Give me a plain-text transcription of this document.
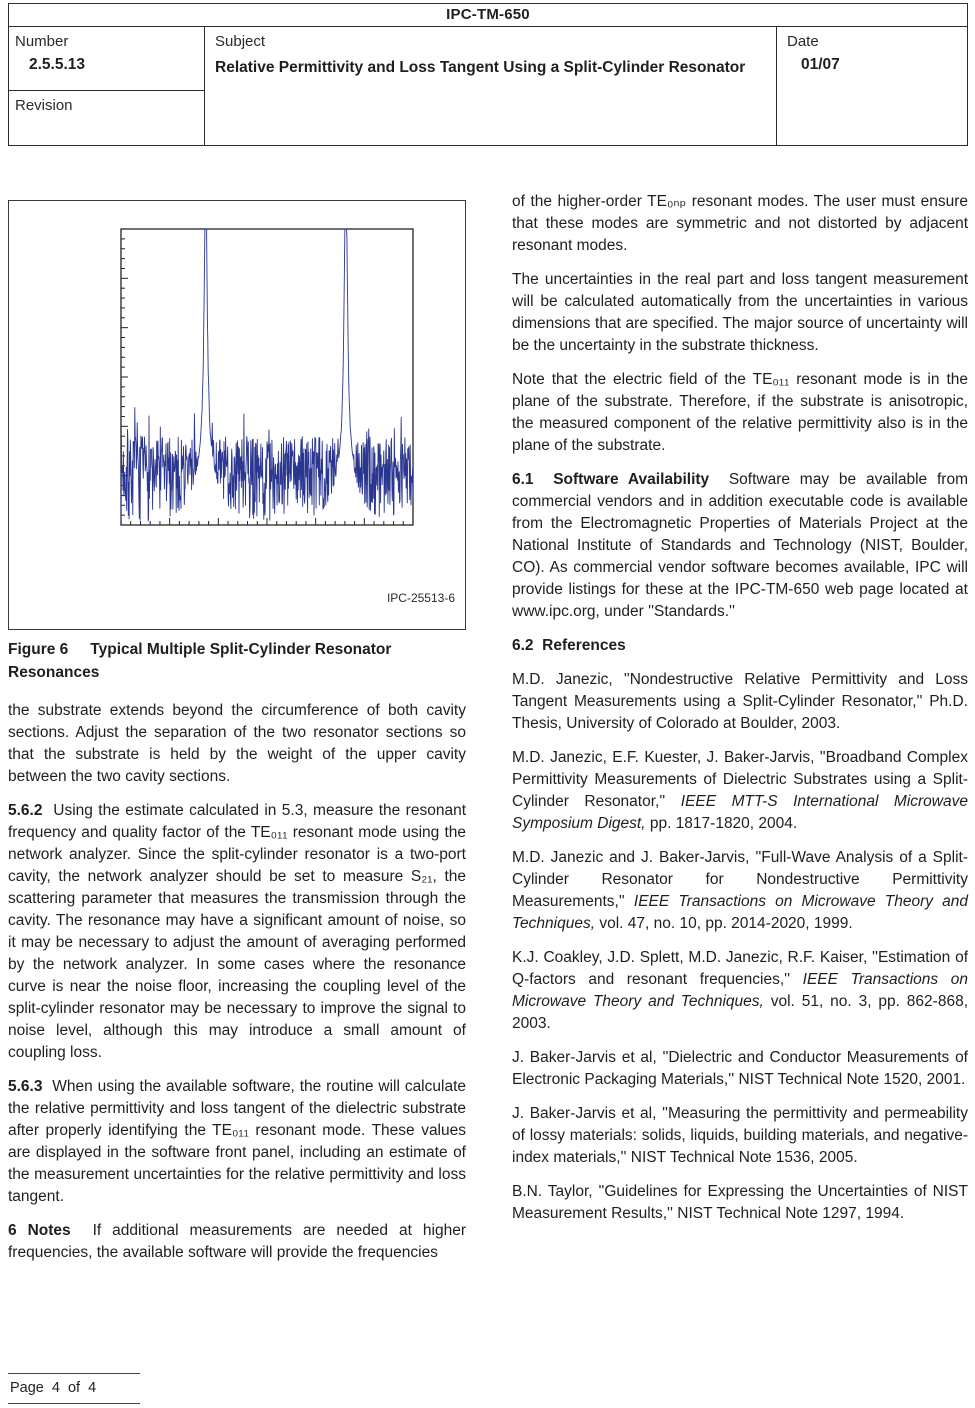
IPC-TM-650
Number
2.5.5.13
Revision
Subject
Relative Permittivity and Loss Tangent Using a Split-Cylinder Resonator
Date
01/07
IPC-25513-6
Figure 6 Typical Multiple Split-Cylinder Resonator Resonances

the substrate extends beyond the circumference of both cavity sections. Adjust the separation of the two resonator sections so that the substrate is held by the weight of the upper cavity between the two cavity sections.

5.6.2  Using the estimate calculated in 5.3, measure the resonant frequency and quality factor of the TE₀₁₁ resonant mode using the network analyzer. Since the split-cylinder resonator is a two-port cavity, the network analyzer should be set to measure S₂₁, the scattering parameter that measures the transmission through the cavity. The resonance may have a significant amount of noise, so it may be necessary to adjust the amount of averaging performed by the network analyzer. In some cases where the resonance curve is near the noise floor, increasing the coupling level of the split-cylinder resonator may be necessary to improve the signal to noise level, although this may introduce a small amount of coupling loss.

5.6.3  When using the available software, the routine will calculate the relative permittivity and loss tangent of the dielectric substrate after properly identifying the TE₀₁₁ resonant mode. These values are displayed in the software front panel, including an estimate of the measurement uncertainties for the relative permittivity and loss tangent.

6 Notes  If additional measurements are needed at higher frequencies, the available software will provide the frequencies

of the higher-order TE₀ₙₚ resonant modes. The user must ensure that these modes are symmetric and not distorted by adjacent resonant modes.

The uncertainties in the real part and loss tangent measurement will be calculated automatically from the uncertainties in various dimensions that are specified. The major source of uncertainty will be the uncertainty in the substrate thickness.

Note that the electric field of the TE₀₁₁ resonant mode is in the plane of the substrate. Therefore, if the substrate is anisotropic, the measured component of the relative permittivity also is in the plane of the substrate.

6.1  Software Availability  Software may be available from commercial vendors and in addition executable code is available from the Electromagnetic Properties of Materials Project at the National Institute of Standards and Technology (NIST, Boulder, CO). As commercial vendor software becomes available, IPC will provide listings for these at the IPC-TM-650 web page located at www.ipc.org, under ''Standards.''

6.2  References

M.D. Janezic, ''Nondestructive Relative Permittivity and Loss Tangent Measurements using a Split-Cylinder Resonator,'' Ph.D. Thesis, University of Colorado at Boulder, 2003.

M.D. Janezic, E.F. Kuester, J. Baker-Jarvis, ''Broadband Complex Permittivity Measurements of Dielectric Substrates using a Split-Cylinder Resonator,'' IEEE MTT-S International Microwave Symposium Digest, pp. 1817-1820, 2004.

M.D. Janezic and J. Baker-Jarvis, ''Full-Wave Analysis of a Split-Cylinder Resonator for Nondestructive Permittivity Measurements,'' IEEE Transactions on Microwave Theory and Techniques, vol. 47, no. 10, pp. 2014-2020, 1999.

K.J. Coakley, J.D. Splett, M.D. Janezic, R.F. Kaiser, ''Estimation of Q-factors and resonant frequencies,'' IEEE Transactions on Microwave Theory and Techniques, vol. 51, no. 3, pp. 862-868, 2003.

J. Baker-Jarvis et al, ''Dielectric and Conductor Measurements of Electronic Packaging Materials,'' NIST Technical Note 1520, 2001.

J. Baker-Jarvis et al, ''Measuring the permittivity and permeability of lossy materials: solids, liquids, building materials, and negative-index materials,'' NIST Technical Note 1536, 2005.

B.N. Taylor, ''Guidelines for Expressing the Uncertainties of NIST Measurement Results,'' NIST Technical Note 1297, 1994.

Page 4 of 4
